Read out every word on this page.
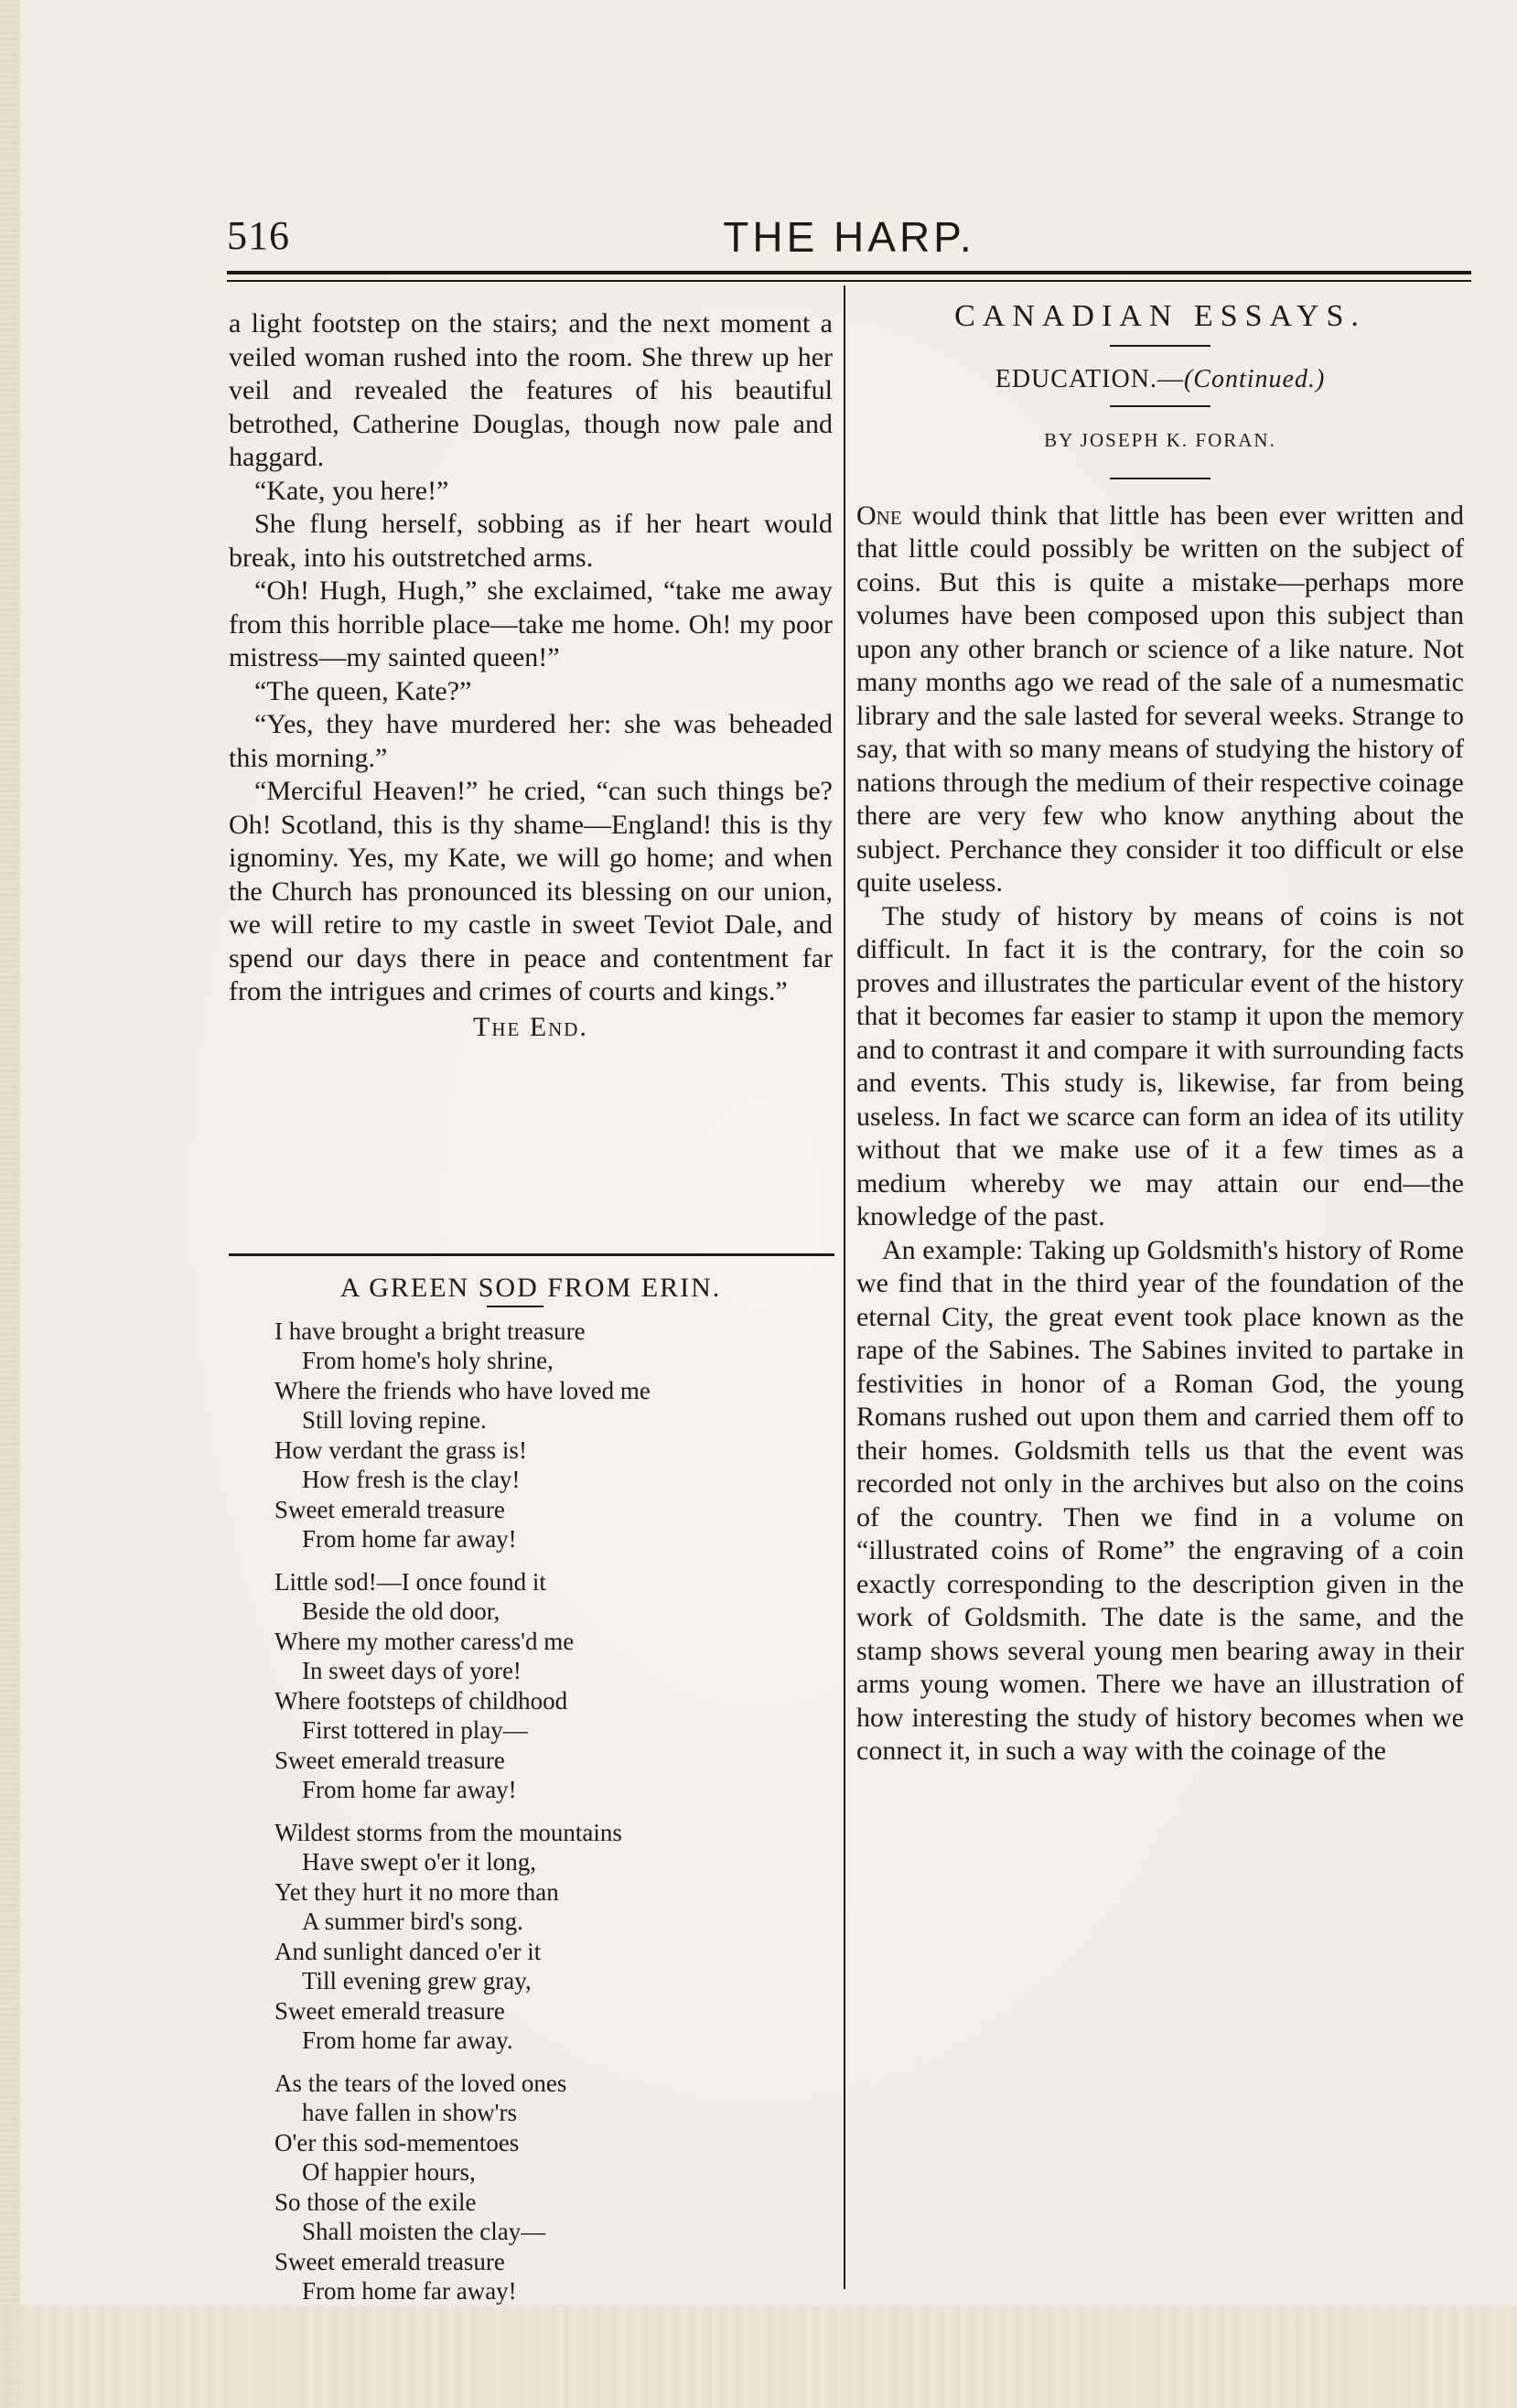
516	THE HARP.

a light footstep on the stairs; and the next moment a veiled woman rushed into the room. She threw up her veil and revealed the features of his beautiful betrothed, Catherine Douglas, though now pale and haggard.

“Kate, you here!”

She flung herself, sobbing as if her heart would break, into his outstretched arms.

“Oh! Hugh, Hugh,” she exclaimed, “take me away from this horrible place—take me home. Oh! my poor mistress—my sainted queen!”

“The queen, Kate?”

“Yes, they have murdered her: she was beheaded this morning.”

“Merciful Heaven!” he cried, “can such things be? Oh! Scotland, this is thy shame—England! this is thy ignominy. Yes, my Kate, we will go home; and when the Church has pronounced its blessing on our union, we will retire to my castle in sweet Teviot Dale, and spend our days there in peace and contentment far from the intrigues and crimes of courts and kings.”

The End.
A GREEN SOD FROM ERIN.
I have brought a bright treasure
From home's holy shrine,
Where the friends who have loved me
Still loving repine.
How verdant the grass is!
How fresh is the clay!
Sweet emerald treasure
From home far away!
Little sod!—I once found it
Beside the old door,
Where my mother caress'd me
In sweet days of yore!
Where footsteps of childhood
First tottered in play—
Sweet emerald treasure
From home far away!
Wildest storms from the mountains
Have swept o'er it long,
Yet they hurt it no more than
A summer bird's song.
And sunlight danced o'er it
Till evening grew gray,
Sweet emerald treasure
From home far away.
As the tears of the loved ones
have fallen in show'rs
O'er this sod-mementoes
Of happier hours,
So those of the exile
Shall moisten the clay—
Sweet emerald treasure
From home far away!
CANADIAN ESSAYS.
EDUCATION.—(Continued.)
BY JOSEPH K. FORAN.

One would think that little has been ever written and that little could possibly be written on the subject of coins. But this is quite a mistake—perhaps more volumes have been composed upon this subject than upon any other branch or science of a like nature. Not many months ago we read of the sale of a numesmatic library and the sale lasted for several weeks. Strange to say, that with so many means of studying the history of nations through the medium of their respective coinage there are very few who know anything about the subject. Perchance they consider it too difficult or else quite useless.

The study of history by means of coins is not difficult. In fact it is the contrary, for the coin so proves and illustrates the particular event of the history that it becomes far easier to stamp it upon the memory and to contrast it and compare it with surrounding facts and events. This study is, likewise, far from being useless. In fact we scarce can form an idea of its utility without that we make use of it a few times as a medium whereby we may attain our end—the knowledge of the past.

An example: Taking up Goldsmith's history of Rome we find that in the third year of the foundation of the eternal City, the great event took place known as the rape of the Sabines. The Sabines invited to partake in festivities in honor of a Roman God, the young Romans rushed out upon them and carried them off to their homes. Goldsmith tells us that the event was recorded not only in the archives but also on the coins of the country. Then we find in a volume on “illustrated coins of Rome” the engraving of a coin exactly corresponding to the description given in the work of Goldsmith. The date is the same, and the stamp shows several young men bearing away in their arms young women. There we have an illustration of how interesting the study of history becomes when we connect it, in such a way with the coinage of the
